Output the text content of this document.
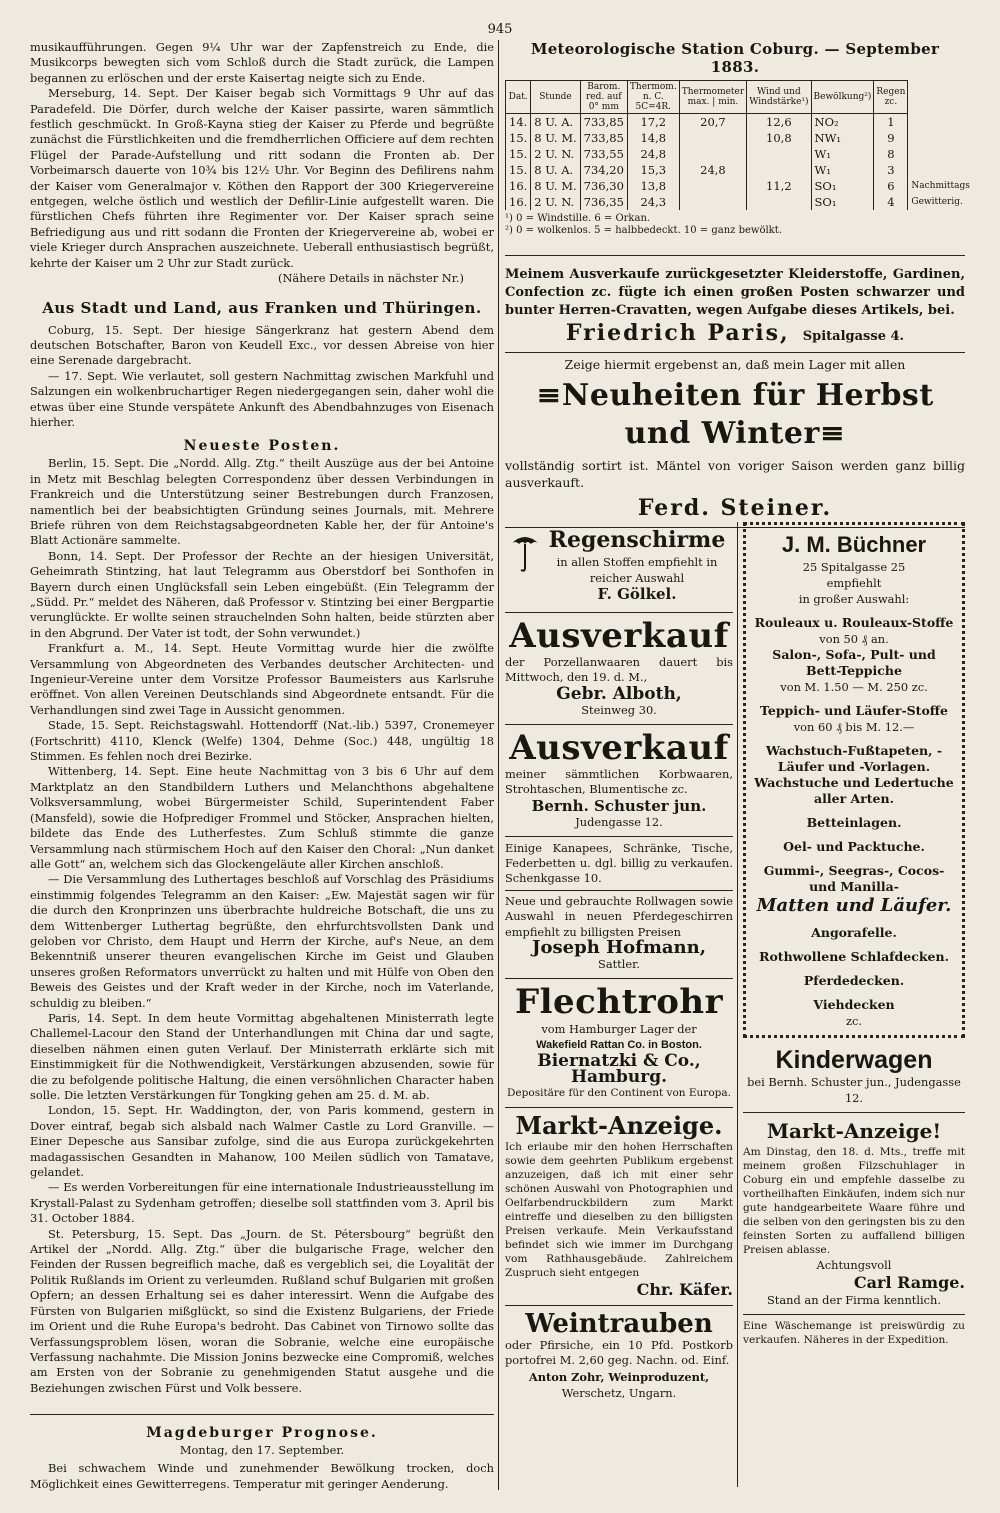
945

musikaufführungen. Gegen 9¼ Uhr war der Zapfenstreich zu Ende, die Musikcorps bewegten sich vom Schloß durch die Stadt zurück, die Lampen begannen zu erlöschen und der erste Kaisertag neigte sich zu Ende.

Merseburg, 14. Sept. Der Kaiser begab sich Vormittags 9 Uhr auf das Paradefeld. Die Dörfer, durch welche der Kaiser passirte, waren sämmtlich festlich geschmückt. In Groß-Kayna stieg der Kaiser zu Pferde und begrüßte zunächst die Fürstlichkeiten und die fremdherrlichen Officiere auf dem rechten Flügel der Parade-Aufstellung und ritt sodann die Fronten ab. Der Vorbeimarsch dauerte von 10¾ bis 12½ Uhr. Vor Beginn des Defilirens nahm der Kaiser vom Generalmajor v. Köthen den Rapport der 300 Kriegervereine entgegen, welche östlich und westlich der Defilir-Linie aufgestellt waren. Die fürstlichen Chefs führten ihre Regimenter vor. Der Kaiser sprach seine Befriedigung aus und ritt sodann die Fronten der Kriegervereine ab, wobei er viele Krieger durch Ansprachen auszeichnete. Ueberall enthusiastisch begrüßt, kehrte der Kaiser um 2 Uhr zur Stadt zurück.

(Nähere Details in nächster Nr.)

Aus Stadt und Land, aus Franken und Thüringen.

Coburg, 15. Sept. Der hiesige Sängerkranz hat gestern Abend dem deutschen Botschafter, Baron von Keudell Exc., vor dessen Abreise von hier eine Serenade dargebracht.

— 17. Sept. Wie verlautet, soll gestern Nachmittag zwischen Markfuhl und Salzungen ein wolkenbruchartiger Regen niedergegangen sein, daher wohl die etwas über eine Stunde verspätete Ankunft des Abendbahnzuges von Eisenach hierher.

Neueste Posten.

Berlin, 15. Sept. Die „Nordd. Allg. Ztg.“ theilt Auszüge aus der bei Antoine in Metz mit Beschlag belegten Correspondenz über dessen Verbindungen in Frankreich und die Unterstützung seiner Bestrebungen durch Franzosen, namentlich bei der beabsichtigten Gründung seines Journals, mit. Mehrere Briefe rühren von dem Reichstagsabgeordneten Kable her, der für Antoine's Blatt Actionäre sammelte.

Bonn, 14. Sept. Der Professor der Rechte an der hiesigen Universität, Geheimrath Stintzing, hat laut Telegramm aus Oberstdorf bei Sonthofen in Bayern durch einen Unglücksfall sein Leben eingebüßt. (Ein Telegramm der „Südd. Pr.“ meldet des Näheren, daß Professor v. Stintzing bei einer Bergpartie verunglückte. Er wollte seinen strauchelnden Sohn halten, beide stürzten aber in den Abgrund. Der Vater ist todt, der Sohn verwundet.)

Frankfurt a. M., 14. Sept. Heute Vormittag wurde hier die zwölfte Versammlung von Abgeordneten des Verbandes deutscher Architecten- und Ingenieur-Vereine unter dem Vorsitze Professor Baumeisters aus Karlsruhe eröffnet. Von allen Vereinen Deutschlands sind Abgeordnete entsandt. Für die Verhandlungen sind zwei Tage in Aussicht genommen.

Stade, 15. Sept. Reichstagswahl. Hottendorff (Nat.-lib.) 5397, Cronemeyer (Fortschritt) 4110, Klenck (Welfe) 1304, Dehme (Soc.) 448, ungültig 18 Stimmen. Es fehlen noch drei Bezirke.

Wittenberg, 14. Sept. Eine heute Nachmittag von 3 bis 6 Uhr auf dem Marktplatz an den Standbildern Luthers und Melanchthons abgehaltene Volksversammlung, wobei Bürgermeister Schild, Superintendent Faber (Mansfeld), sowie die Hofprediger Frommel und Stöcker, Ansprachen hielten, bildete das Ende des Lutherfestes. Zum Schluß stimmte die ganze Versammlung nach stürmischem Hoch auf den Kaiser den Choral: „Nun danket alle Gott“ an, welchem sich das Glockengeläute aller Kirchen anschloß.

— Die Versammlung des Luthertages beschloß auf Vorschlag des Präsidiums einstimmig folgendes Telegramm an den Kaiser: „Ew. Majestät sagen wir für die durch den Kronprinzen uns überbrachte huldreiche Botschaft, die uns zu dem Wittenberger Luthertag begrüßte, den ehrfurchtsvollsten Dank und geloben vor Christo, dem Haupt und Herrn der Kirche, auf's Neue, an dem Bekenntniß unserer theuren evangelischen Kirche im Geist und Glauben unseres großen Reformators unverrückt zu halten und mit Hülfe von Oben den Beweis des Geistes und der Kraft weder in der Kirche, noch im Vaterlande, schuldig zu bleiben.“

Paris, 14. Sept. In dem heute Vormittag abgehaltenen Ministerrath legte Challemel-Lacour den Stand der Unterhandlungen mit China dar und sagte, dieselben nähmen einen guten Verlauf. Der Ministerrath erklärte sich mit Einstimmigkeit für die Nothwendigkeit, Verstärkungen abzusenden, sowie für die zu befolgende politische Haltung, die einen versöhnlichen Character haben solle. Die letzten Verstärkungen für Tongking gehen am 25. d. M. ab.

London, 15. Sept. Hr. Waddington, der, von Paris kommend, gestern in Dover eintraf, begab sich alsbald nach Walmer Castle zu Lord Granville. — Einer Depesche aus Sansibar zufolge, sind die aus Europa zurückgekehrten madagassischen Gesandten in Mahanow, 100 Meilen südlich von Tamatave, gelandet.

— Es werden Vorbereitungen für eine internationale Industrieausstellung im Krystall-Palast zu Sydenham getroffen; dieselbe soll stattfinden vom 3. April bis 31. October 1884.

St. Petersburg, 15. Sept. Das „Journ. de St. Pétersbourg“ begrüßt den Artikel der „Nordd. Allg. Ztg.“ über die bulgarische Frage, welcher den Feinden der Russen begreiflich mache, daß es vergeblich sei, die Loyalität der Politik Rußlands im Orient zu verleumden. Rußland schuf Bulgarien mit großen Opfern; an dessen Erhaltung sei es daher interessirt. Wenn die Aufgabe des Fürsten von Bulgarien mißglückt, so sind die Existenz Bulgariens, der Friede im Orient und die Ruhe Europa's bedroht. Das Cabinet von Tirnowo sollte das Verfassungsproblem lösen, woran die Sobranie, welche eine europäische Verfassung nachahmte. Die Mission Jonins bezwecke eine Compromiß, welches am Ersten von der Sobranie zu genehmigenden Statut ausgehe und die Beziehungen zwischen Fürst und Volk bessere.

Magdeburger Prognose.
Montag, den 17. September.

Bei schwachem Winde und zunehmender Bewölkung trocken, doch Möglichkeit eines Gewitterregens. Temperatur mit geringer Aenderung.

Meteorologische Station Coburg. — September 1883.
Dat.	Stunde	Barom. red. auf 0° mm	Thermom. n. C. 5C=4R.	Thermometer
max. | min.	Wind und Windstärke¹)	Bewölkung²)	Regen zc.	
14.	8 U. A.	733,85	17,2	20,7	12,6	NO₂	1	
15.	8 U. M.	733,85	14,8		10,8	NW₁	9	
15.	2 U. N.	733,55	24,8			W₁	8	
15.	8 U. A.	734,20	15,3	24,8		W₁	3	
16.	8 U. M.	736,30	13,8		11,2	SO₁	6	Nachmittags
16.	2 U. N.	736,35	24,3			SO₁	4	Gewitterig.
¹) 0 = Windstille. 6 = Orkan.
²) 0 = wolkenlos. 5 = halbbedeckt. 10 = ganz bewölkt.
Meinem Ausverkaufe zurückgesetzter Kleiderstoffe, Gardinen, Confection zc. fügte ich einen großen Posten schwarzer und bunter Herren-Cravatten, wegen Aufgabe dieses Artikels, bei.
Friedrich Paris, Spitalgasse 4.
Zeige hiermit ergebenst an, daß mein Lager mit allen
≡Neuheiten für Herbst und Winter≡

vollständig sortirt ist. Mäntel von voriger Saison werden ganz billig ausverkauft.

Ferd. Steiner.
Regenschirme
in allen Stoffen empfiehlt in reicher Auswahl
F. Gölkel.
Ausverkauf

der Porzellanwaaren dauert bis Mittwoch, den 19. d. M.,

Gebr. Alboth,
Steinweg 30.
Ausverkauf

meiner sämmtlichen Korbwaaren, Strohtaschen, Blumentische zc.

Bernh. Schuster jun.
Judengasse 12.

Einige Kanapees, Schränke, Tische, Federbetten u. dgl. billig zu verkaufen. Schenkgasse 10.

Neue und gebrauchte Rollwagen sowie Auswahl in neuen Pferdegeschirren empfiehlt zu billigsten Preisen

Joseph Hofmann,
Sattler.
Flechtrohr
vom Hamburger Lager der
Wakefield Rattan Co. in Boston.
Biernatzki & Co., Hamburg.
Depositäre für den Continent von Europa.
Markt-Anzeige.

Ich erlaube mir den hohen Herrschaften sowie dem geehrten Publikum ergebenst anzuzeigen, daß ich mit einer sehr schönen Auswahl von Photographien und Oelfarbendruckbildern zum Markt eintreffe und dieselben zu den billigsten Preisen verkaufe. Mein Verkaufsstand befindet sich wie immer im Durchgang vom Rathhausgebäude. Zahlreichem Zuspruch sieht entgegen

Chr. Käfer.
Weintrauben

oder Pfirsiche, ein 10 Pfd. Postkorb portofrei M. 2,60 geg. Nachn. od. Einf.

Anton Zohr, Weinproduzent,
Werschetz, Ungarn.
J. M. Büchner
25 Spitalgasse 25
empfiehlt
in großer Auswahl:
Rouleaux u. Rouleaux-Stoffe
von 50 ₰ an.
Salon-, Sofa-, Pult- und Bett-Teppiche
von M. 1.50 — M. 250 zc.
Teppich- und Läufer-Stoffe
von 60 ₰ bis M. 12.—
Wachstuch-Fußtapeten, -Läufer und -Vorlagen.
Wachstuche und Ledertuche aller Arten.
Betteinlagen.
Oel- und Packtuche.
Gummi-, Seegras-, Cocos- und Manilla-
Matten und Läufer.
Angorafelle.
Rothwollene Schlafdecken.
Pferdedecken.
Viehdecken
zc.
Kinderwagen
bei Bernh. Schuster jun., Judengasse 12.
Markt-Anzeige!

Am Dinstag, den 18. d. Mts., treffe mit meinem großen Filzschuhlager in Coburg ein und empfehle dasselbe zu vortheilhaften Einkäufen, indem sich nur gute handgearbeitete Waare führe und die selben von den geringsten bis zu den feinsten Sorten zu auffallend billigen Preisen ablasse.

Achtungsvoll
Carl Ramge.
Stand an der Firma kenntlich.

Eine Wäschemange ist preiswürdig zu verkaufen. Näheres in der Expedition.
